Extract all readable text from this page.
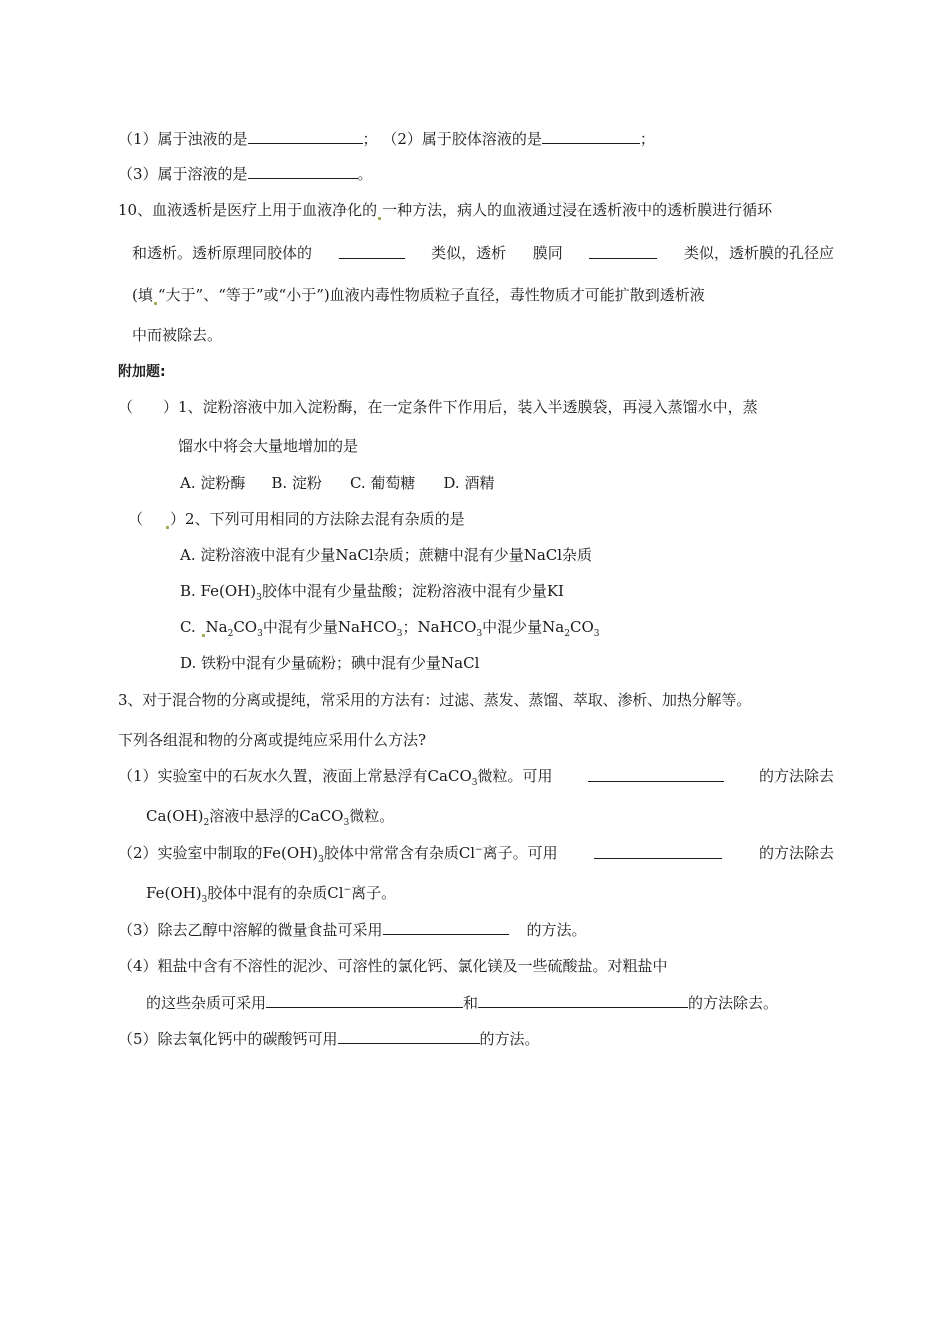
（1）属于浊液的是	； （2）属于胶体溶液的是	；
（3）属于溶液的是	。
10、血液透析是医疗上用于血液净化的 一种方法，病人的血液通过浸在透析液中的透析膜进行循环
和透析。透析原理同胶体的	类似，透析 膜同	类似，透析膜的孔径应
(填 “大于”、“等于”或“小于”)血液内毒性物质粒子直径，毒性物质才可能扩散到透析液
中而被除去。
附加题:
（　　）1、淀粉溶液中加入淀粉酶，在一定条件下作用后，装入半透膜袋，再浸入蒸馏水中，蒸
馏水中将会大量地增加的是
A. 淀粉酶 B. 淀粉 C. 葡萄糖 D. 酒精
（ ）2、下列可用相同的方法除去混有杂质的是
A. 淀粉溶液中混有少量NaCl杂质；蔗糖中混有少量NaCl杂质
B. $Fe(OH)_3$胶体中混有少量盐酸；淀粉溶液中混有少量KI
C. $Na_2CO_3$中混有少量NaHCO$_3$；NaHCO$_3$中混少量$Na_2CO_3$
D. 铁粉中混有少量硫粉；碘中混有少量NaCl
3、对于混合物的分离或提纯，常采用的方法有：过滤、蒸发、蒸馏、萃取、渗析、加热分解等。
下列各组混和物的分离或提纯应采用什么方法?
（1）实验室中的石灰水久置，液面上常悬浮有CaCO$_3$微粒。可用	的方法除去
$Ca(OH)_2$溶液中悬浮的CaCO$_3$微粒。
（2）实验室中制取的$Fe(OH)_3$胶体中常常含有杂质Cl−离子。可用	的方法除去
$Fe(OH)_3$胶体中混有的杂质Cl−离子。
（3）除去乙醇中溶解的微量食盐可采用	的方法。
（4）粗盐中含有不溶性的泥沙、可溶性的氯化钙、氯化镁及一些硫酸盐。对粗盐中
的这些杂质可采用	和	的方法除去。
（5）除去氧化钙中的碳酸钙可用	的方法。
